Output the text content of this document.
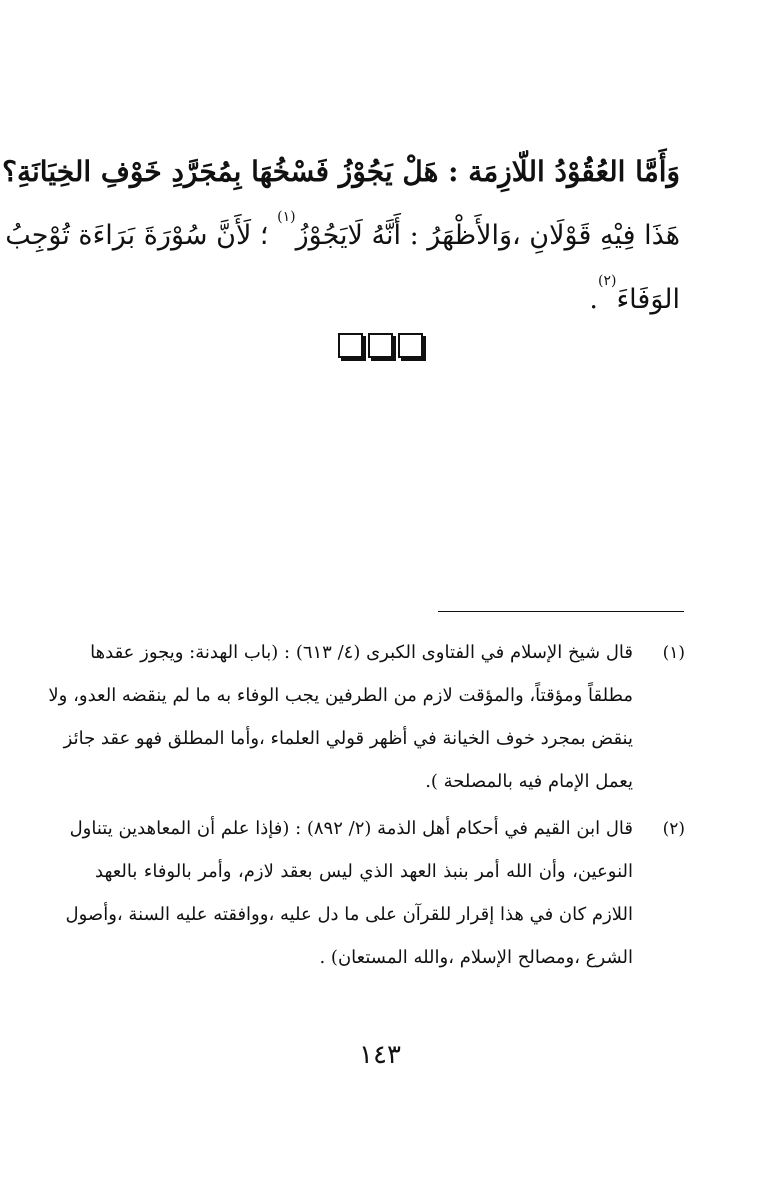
وَأَمَّا العُقُوْدُ اللّازِمَة : هَلْ يَجُوْزُ فَسْخُهَا بِمُجَرَّدِ خَوْفِ الخِيَانَةِ؟
هَذَا فِيْهِ قَوْلَانِ ،وَالأَظْهَرُ : أَنَّهُ لَايَجُوْزُ$^{(١)}$ ؛ لَأَنَّ سُوْرَةَ بَرَاءَة تُوْجِبُ
الوَفَاءَ$^{(٢)}$.
(١)
قال شيخ الإسلام في الفتاوى الكبرى (٤/ ٦١٣) : (باب الهدنة: ويجوز عقدها
مطلقاً ومؤقتاً، والمؤقت لازم من الطرفين يجب الوفاء به ما لم ينقضه العدو، ولا
ينقض بمجرد خوف الخيانة في أظهر قولي العلماء ،وأما المطلق فهو عقد جائز
يعمل الإمام فيه بالمصلحة ).
(٢)
قال ابن القيم في أحكام أهل الذمة (٢/ ٨٩٢) : (فإذا علم أن المعاهدين يتناول
النوعين، وأن الله أمر بنبذ العهد الذي ليس بعقد لازم، وأمر بالوفاء بالعهد
اللازم كان في هذا إقرار للقرآن على ما دل عليه ،ووافقته عليه السنة ،وأصول
الشرع ،ومصالح الإسلام ،والله المستعان) .
١٤٣
